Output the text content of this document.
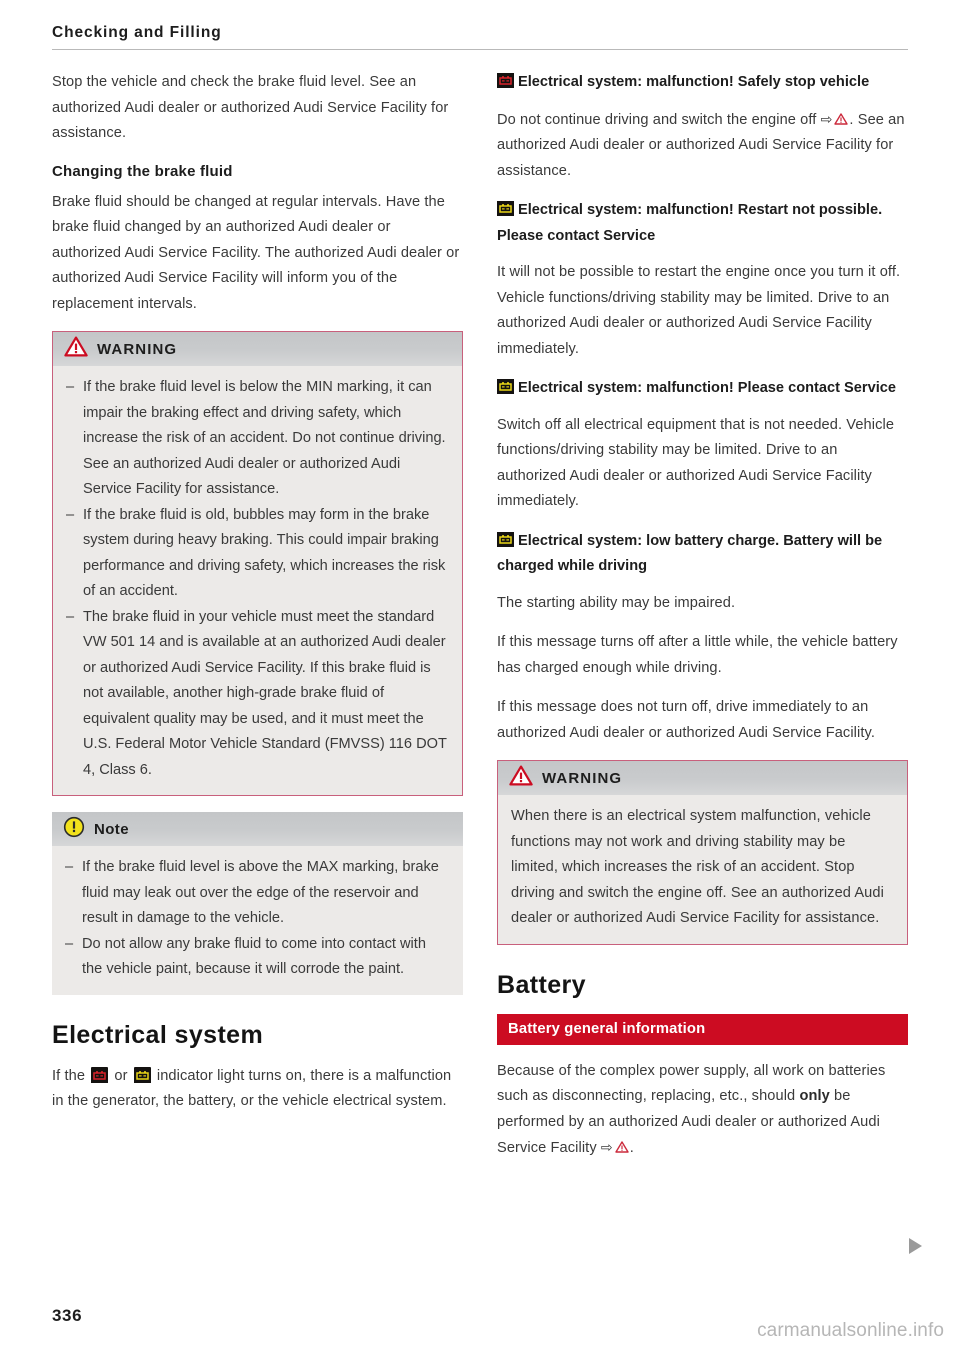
Checking and Filling

Stop the vehicle and check the brake fluid level. See an authorized Audi dealer or authorized Audi Service Facility for assistance.

Changing the brake fluid

Brake fluid should be changed at regular intervals. Have the brake fluid changed by an authorized Audi dealer or authorized Audi Service Facility. The authorized Audi dealer or authorized Audi Service Facility will inform you of the replacement intervals.

WARNING
– If the brake fluid level is below the MIN marking, it can impair the braking effect and driving safety, which increase the risk of an accident. Do not continue driving. See an authorized Audi dealer or authorized Audi Service Facility for assistance.
– If the brake fluid is old, bubbles may form in the brake system during heavy braking. This could impair braking performance and driving safety, which increases the risk of an accident.
– The brake fluid in your vehicle must meet the standard VW 501 14 and is available at an authorized Audi dealer or authorized Audi Service Facility. If this brake fluid is not available, another high-grade brake fluid of equivalent quality may be used, and it must meet the U.S. Federal Motor Vehicle Standard (FMVSS) 116 DOT 4, Class 6.
Note
– If the brake fluid level is above the MAX marking, brake fluid may leak out over the edge of the reservoir and result in damage to the vehicle.
– Do not allow any brake fluid to come into contact with the vehicle paint, because it will corrode the paint.
Electrical system

If the  or  indicator light turns on, there is a malfunction in the generator, the battery, or the vehicle electrical system.

Electrical system: malfunction! Safely stop vehicle

Do not continue driving and switch the engine off ⇨ . See an authorized Audi dealer or authorized Audi Service Facility for assistance.

Electrical system: malfunction! Restart not possible. Please contact Service

It will not be possible to restart the engine once you turn it off. Vehicle functions/driving stability may be limited. Drive to an authorized Audi dealer or authorized Audi Service Facility immediately.

Electrical system: malfunction! Please contact Service

Switch off all electrical equipment that is not needed. Vehicle functions/driving stability may be limited. Drive to an authorized Audi dealer or authorized Audi Service Facility immediately.

Electrical system: low battery charge. Battery will be charged while driving

The starting ability may be impaired.

If this message turns off after a little while, the vehicle battery has charged enough while driving.

If this message does not turn off, drive immediately to an authorized Audi dealer or authorized Audi Service Facility.

WARNING

When there is an electrical system malfunction, vehicle functions may not work and driving stability may be limited, which increases the risk of an accident. Stop driving and switch the engine off. See an authorized Audi dealer or authorized Audi Service Facility for assistance.

Battery
Battery general information

Because of the complex power supply, all work on batteries such as disconnecting, replacing, etc., should only be performed by an authorized Audi dealer or authorized Audi Service Facility ⇨ .

336
carmanualsonline.info
